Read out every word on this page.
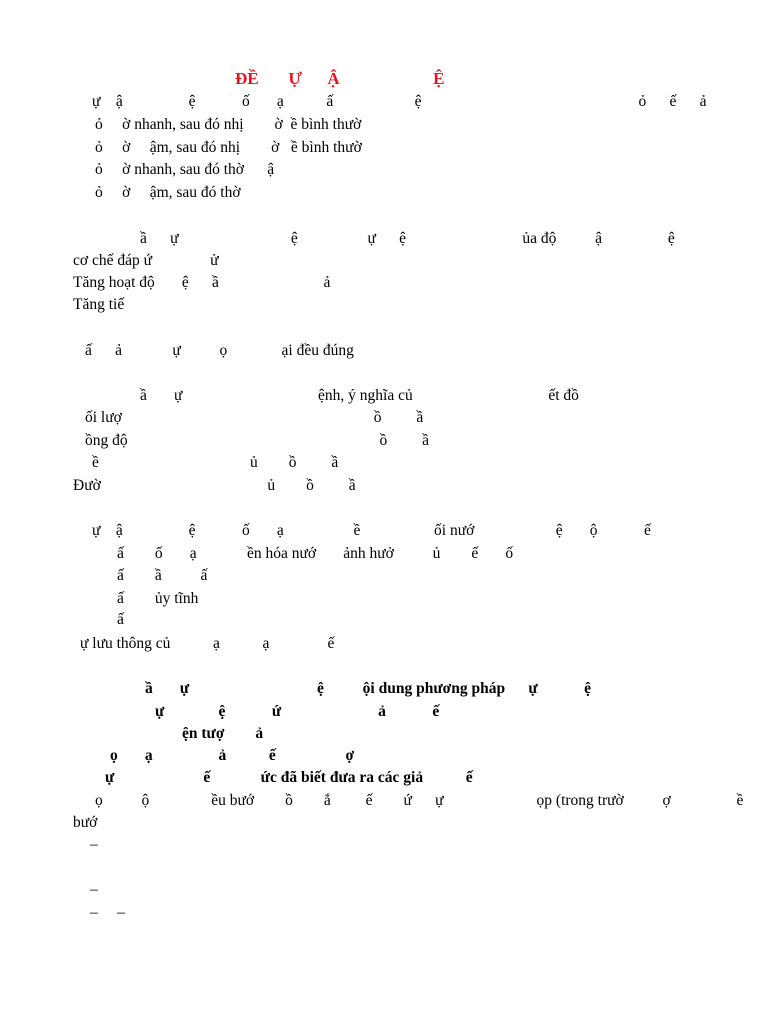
ĐỀ       Ự      Ậ                      Ệ
ự    ậ                 ệ            ố       ạ           ấ                     ệ                                                        ỏ      ế      ả
ỏ     ờ nhanh, sau đó nhị        ờ  ề bình thườ
ỏ     ờ     ậm, sau đó nhị        ờ   ề bình thườ
ỏ     ờ nhanh, sau đó thờ      ậ
ỏ     ờ     ậm, sau đó thờ
ầ      ự                             ệ                  ự      ệ                              ủa độ          ậ                 ệ
cơ chế đáp ứ               ử
Tăng hoạt độ       ệ      ầ                           ả
Tăng tiế
ấ      ả             ự          ọ              ại đều đúng
ầ       ự                                   ệnh, ý nghĩa củ                                   ết đồ
ối lượ                                                                 ồ         ầ
ồng độ                                                                 ồ         ầ
ề                                       ủ        ồ         ầ
Đườ                                           ủ        ồ         ầ
ự    ậ                 ệ            ố       ạ                  ề                   ối nướ                     ệ       ộ            ế
ấ        ố       ạ             ền hóa nướ       ảnh hưở          ủ        ế       ố
ấ        ầ          ấ
ấ        ủy tĩnh
ấ
ự lưu thông củ           ạ           ạ               ế
ầ       ự                                 ệ          ội dung phương pháp      ự            ệ
ự              ệ            ứ                         ả            ế
ện tượ        ả
ọ       ạ                 ả           ế                  ợ
ự                       ế             ức đã biết đưa ra các giả           ế
ọ          ộ                ều bướ        ồ        ắ         ế        ứ      ự                        ọp (trong trườ          ợ                 ề
bướ
–
–
–     –
